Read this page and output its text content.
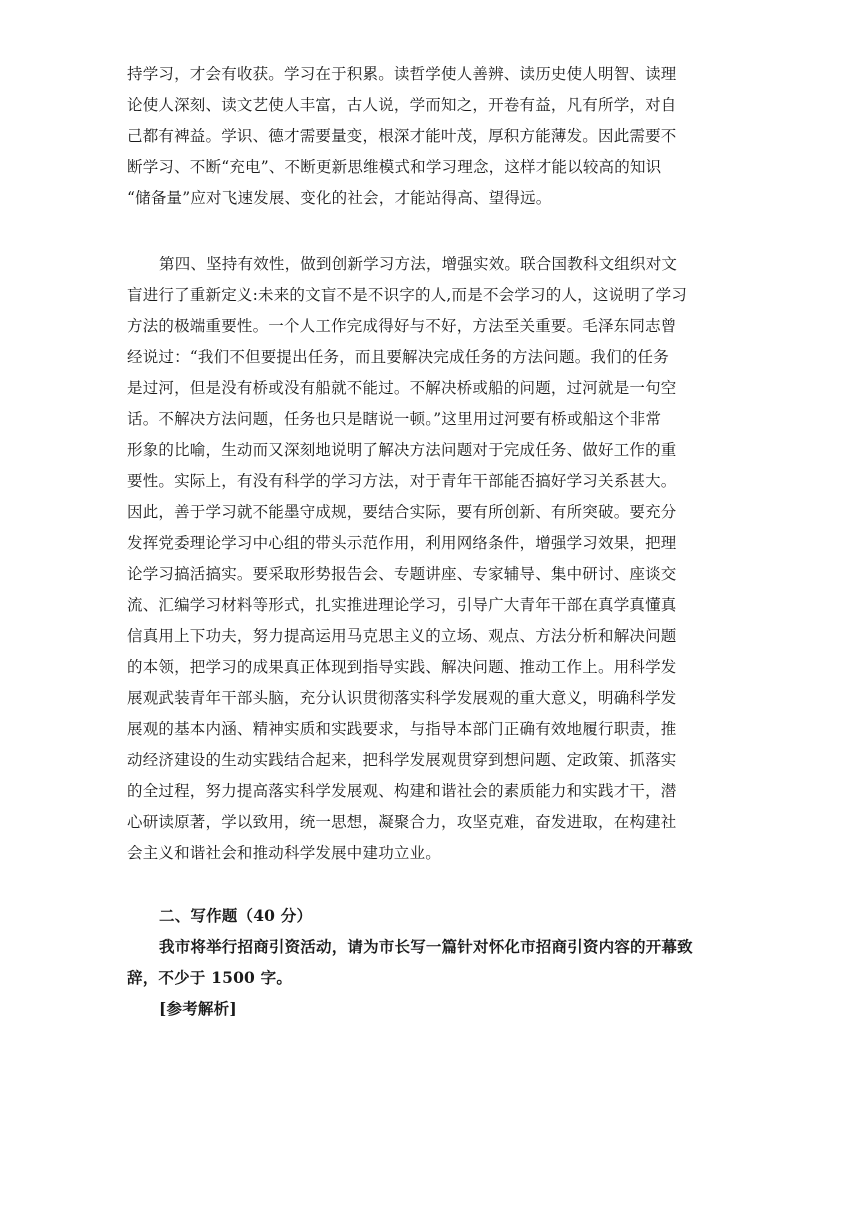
持学习，才会有收获。学习在于积累。读哲学使人善辨、读历史使人明智、读理
论使人深刻、读文艺使人丰富，古人说，学而知之，开卷有益，凡有所学，对自
己都有裨益。学识、德才需要量变，根深才能叶茂，厚积方能薄发。因此需要不
断学习、不断“充电”、不断更新思维模式和学习理念，这样才能以较高的知识
“储备量”应对飞速发展、变化的社会，才能站得高、望得远。
第四、坚持有效性，做到创新学习方法，增强实效。联合国教科文组织对文
盲进行了重新定义:未来的文盲不是不识字的人,而是不会学习的人，这说明了学习
方法的极端重要性。一个人工作完成得好与不好，方法至关重要。毛泽东同志曾
经说过：“我们不但要提出任务，而且要解决完成任务的方法问题。我们的任务
是过河，但是没有桥或没有船就不能过。不解决桥或船的问题，过河就是一句空
话。不解决方法问题，任务也只是瞎说一顿。”这里用过河要有桥或船这个非常
形象的比喻，生动而又深刻地说明了解决方法问题对于完成任务、做好工作的重
要性。实际上，有没有科学的学习方法，对于青年干部能否搞好学习关系甚大。
因此，善于学习就不能墨守成规，要结合实际，要有所创新、有所突破。要充分
发挥党委理论学习中心组的带头示范作用，利用网络条件，增强学习效果，把理
论学习搞活搞实。要采取形势报告会、专题讲座、专家辅导、集中研讨、座谈交
流、汇编学习材料等形式，扎实推进理论学习，引导广大青年干部在真学真懂真
信真用上下功夫，努力提高运用马克思主义的立场、观点、方法分析和解决问题
的本领，把学习的成果真正体现到指导实践、解决问题、推动工作上。用科学发
展观武装青年干部头脑，充分认识贯彻落实科学发展观的重大意义，明确科学发
展观的基本内涵、精神实质和实践要求，与指导本部门正确有效地履行职责，推
动经济建设的生动实践结合起来，把科学发展观贯穿到想问题、定政策、抓落实
的全过程，努力提高落实科学发展观、构建和谐社会的素质能力和实践才干，潜
心研读原著，学以致用，统一思想，凝聚合力，攻坚克难，奋发进取，在构建社
会主义和谐社会和推动科学发展中建功立业。
二、写作题（40 分）
我市将举行招商引资活动，请为市长写一篇针对怀化市招商引资内容的开幕致
辞，不少于 1500 字。
[参考解析]
